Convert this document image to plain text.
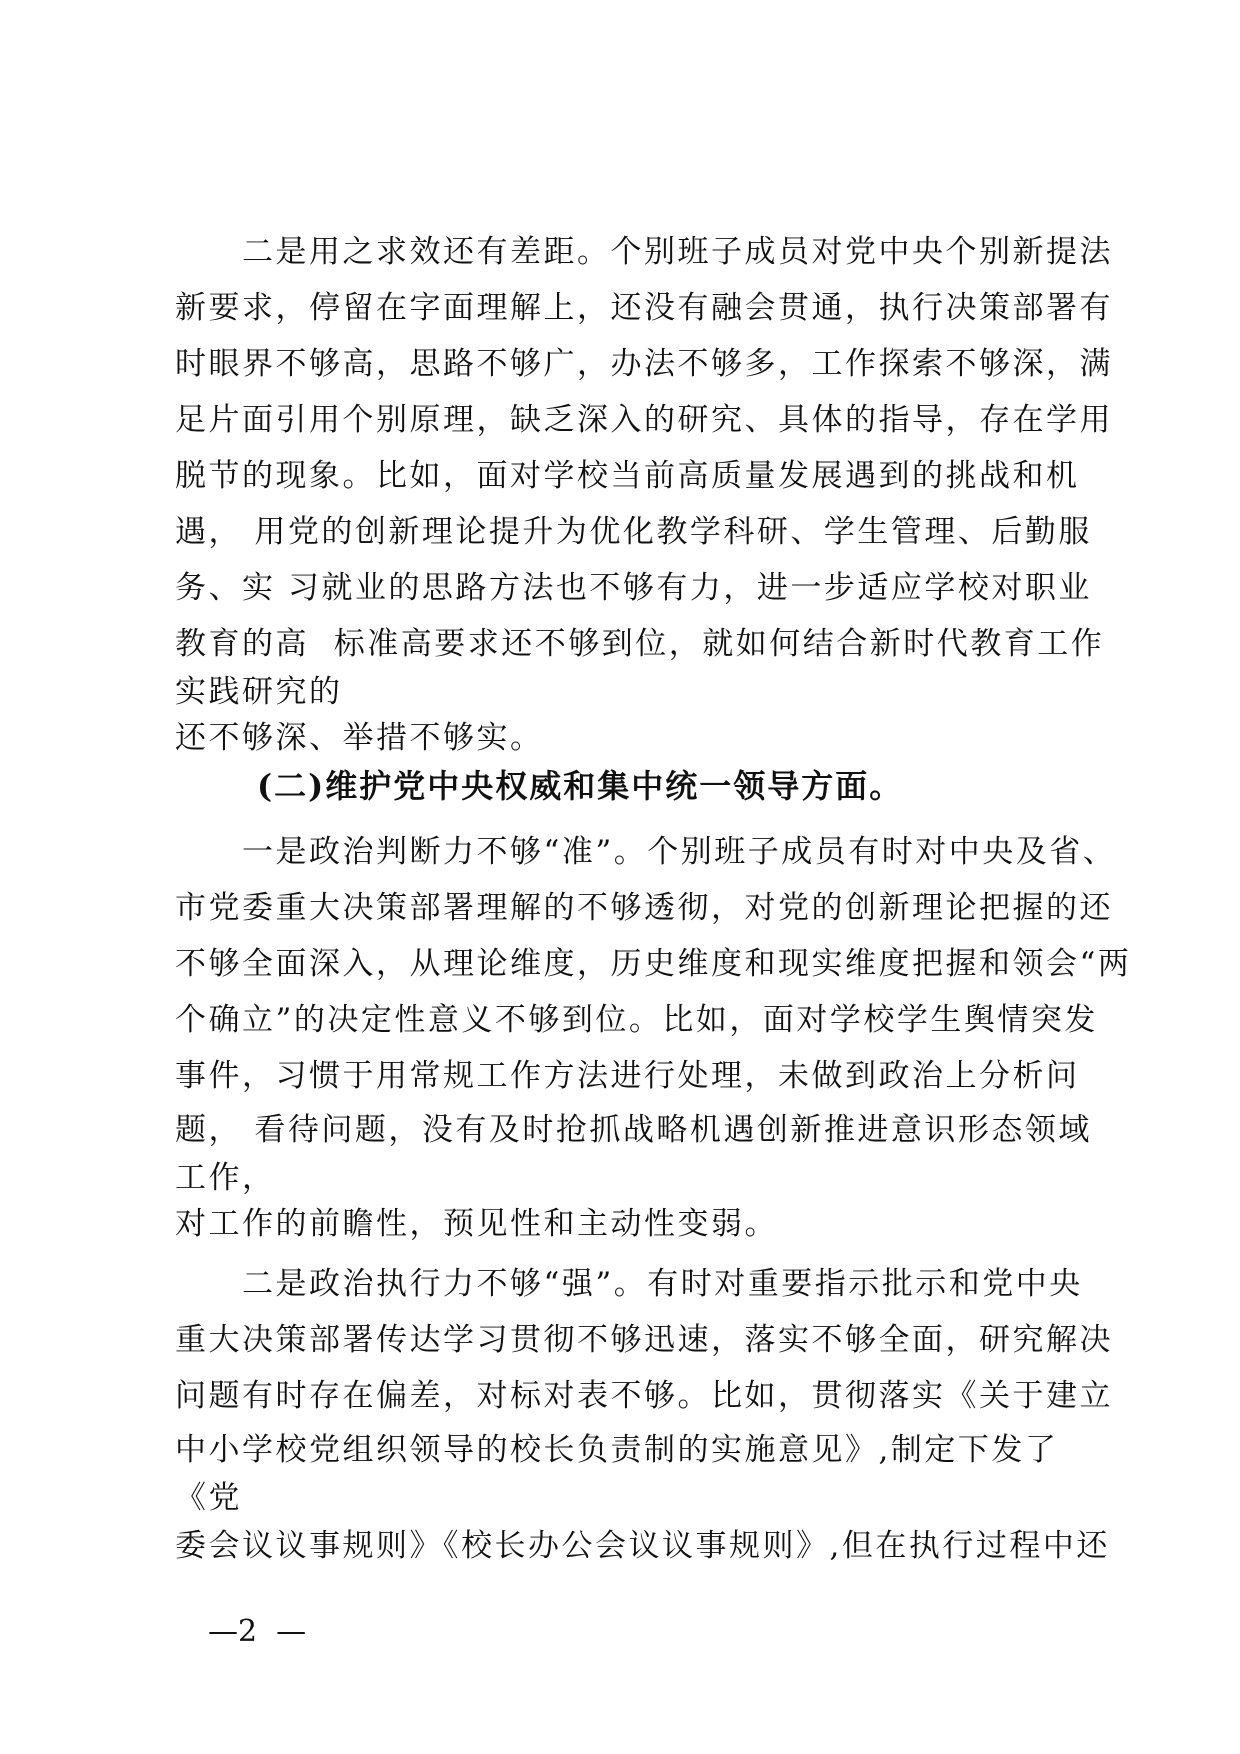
　　二是用之求效还有差距。个别班子成员对党中央个别新提法
新要求，停留在字面理解上，还没有融会贯通，执行决策部署有
时眼界不够高，思路不够广，办法不够多，工作探索不够深，满
足片面引用个别原理，缺乏深入的研究、具体的指导，存在学用
脱节的现象。比如，面对学校当前高质量发展遇到的挑战和机
遇， 用党的创新理论提升为优化教学科研、学生管理、后勤服
务、实 习就业的思路方法也不够有力，进一步适应学校对职业
教育的高  标准高要求还不够到位，就如何结合新时代教育工作
实践研究的
还不够深、举措不够实。
(二)维护党中央权威和集中统一领导方面。
　　一是政治判断力不够“准”。个别班子成员有时对中央及省、
市党委重大决策部署理解的不够透彻，对党的创新理论把握的还
不够全面深入，从理论维度，历史维度和现实维度把握和领会“两
个确立”的决定性意义不够到位。比如，面对学校学生舆情突发
事件，习惯于用常规工作方法进行处理，未做到政治上分析问
题， 看待问题，没有及时抢抓战略机遇创新推进意识形态领域
工作，
对工作的前瞻性，预见性和主动性变弱。
　　二是政治执行力不够“强”。有时对重要指示批示和党中央
重大决策部署传达学习贯彻不够迅速，落实不够全面，研究解决
问题有时存在偏差，对标对表不够。比如，贯彻落实《关于建立
中小学校党组织领导的校长负责制的实施意见》,制定下发了
《党
委会议议事规则》《校长办公会议议事规则》,但在执行过程中还
—2  —
